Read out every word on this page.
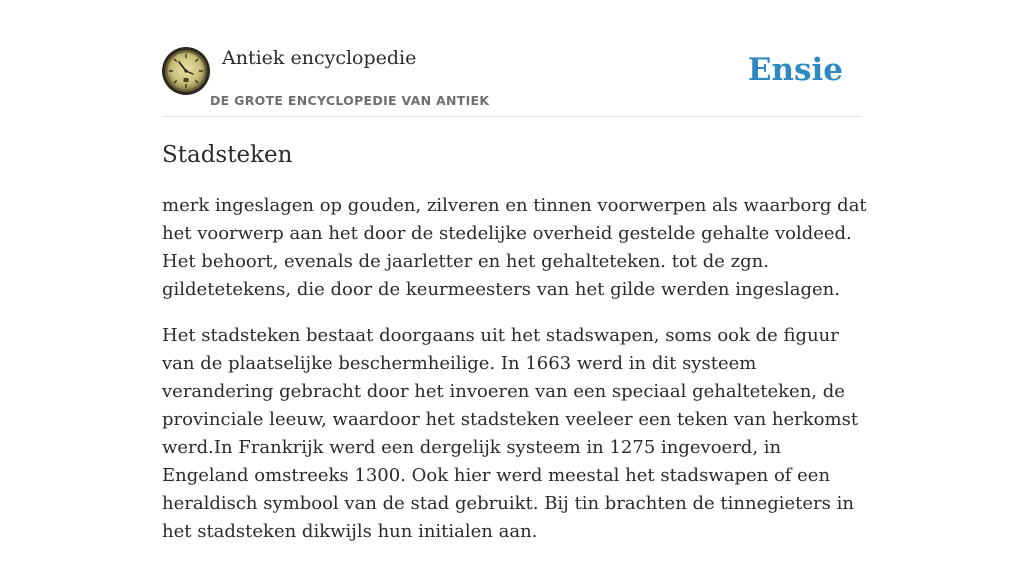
Antiek encyclopedie
DE GROTE ENCYCLOPEDIE VAN ANTIEK
Ensie
Stadsteken

merk ingeslagen op gouden, zilveren en tinnen voorwerpen als waarborg dat het voorwerp aan het door de stedelijke overheid gestelde gehalte voldeed. Het behoort, evenals de jaarletter en het gehalteteken. tot de zgn. gildetetekens, die door de keurmeesters van het gilde werden ingeslagen.

Het stadsteken bestaat doorgaans uit het stadswapen, soms ook de figuur van de plaatselijke beschermheilige. In 1663 werd in dit systeem verandering gebracht door het invoeren van een speciaal gehalteteken, de provinciale leeuw, waardoor het stadsteken veeleer een teken van herkomst werd.In Frankrijk werd een dergelijk systeem in 1275 ingevoerd, in Engeland omstreeks 1300. Ook hier werd meestal het stadswapen of een heraldisch symbool van de stad gebruikt. Bij tin brachten de tinnegieters in het stadsteken dikwijls hun initialen aan.
